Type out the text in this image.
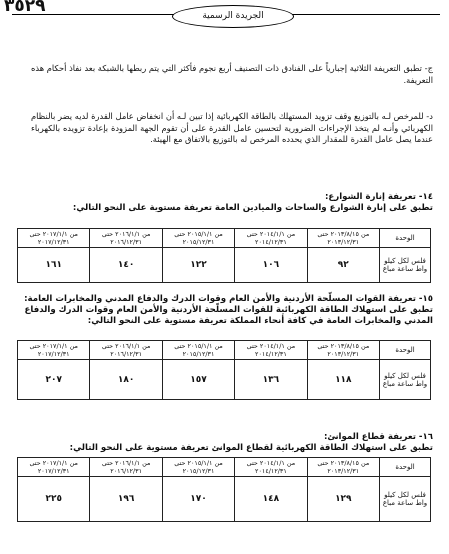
٣٥٢٩	الجريدة الرسمية
ج- تطبق التعريفة الثلاثية إجبارياً على الفنادق ذات التصنيف أربع نجوم فأكثر التي يتم ربطها بالشبكة بعد نفاذ أحكام هذه التعريفة.
د- للمرخص لـه بالتوزيع وقف تزويد المستهلك بالطاقة الكهربائية إذا تبين لـه أن انخفاض عامل القدرة لديه يضر بالنظام الكهربائي وأنـه لم يتخذ الإجراءات الضرورية لتحسين عامل القدرة على أن تقوم الجهة المزودة بإعادة تزويده بالكهرباء عندما يصل عامل القدرة للمقدار الذي يحدده المرخص له بالتوزيع بالاتفاق مع الهيئة.
١٤- تعريفة إنارة الشوارع:
تطبق على إنارة الشوارع والساحات والميادين العامة تعريفة مستوية على النحو التالي:
الوحدة	من ٢٠١٣/٨/١٥ حتى ٢٠١٣/١٢/٣١	من ٢٠١٤/١/١ حتى ٢٠١٤/١٢/٣١	من ٢٠١٥/١/١ حتى ٢٠١٥/١٢/٣١	من ٢٠١٦/١/١ حتى ٢٠١٦/١٢/٣١	من ٢٠١٧/١/١ حتى ٢٠١٧/١٢/٣١
فلس لكل كيلو واط ساعة مباع	٩٢	١٠٦	١٢٢	١٤٠	١٦١
١٥- تعريفة القوات المسلّحة الأردنية والأمن العام وقوات الدرك والدفاع المدني والمخابرات العامة:
تطبق على استهلاك الطاقة الكهربائية للقوات المسلّحة الأردنية والأمن العام وقوات الدرك والدفاع المدني والمخابرات العامة في كافة أنحاء المملكة تعريفة مستوية على النحو التالي:
الوحدة	من ٢٠١٣/٨/١٥ حتى ٢٠١٣/١٢/٣١	من ٢٠١٤/١/١ حتى ٢٠١٤/١٢/٣١	من ٢٠١٥/١/١ حتى ٢٠١٥/١٢/٣١	من ٢٠١٦/١/١ حتى ٢٠١٦/١٢/٣١	من ٢٠١٧/١/١ حتى ٢٠١٧/١٢/٣١
فلس لكل كيلو واط ساعة مباع	١١٨	١٣٦	١٥٧	١٨٠	٢٠٧
١٦- تعريفة قطاع الموانئ:
تطبق على استهلاك الطاقة الكهربائية لقطاع الموانئ تعريفة مستوية على النحو التالي:
الوحدة	من ٢٠١٣/٨/١٥ حتى ٢٠١٣/١٢/٣١	من ٢٠١٤/١/١ حتى ٢٠١٤/١٢/٣١	من ٢٠١٥/١/١ حتى ٢٠١٥/١٢/٣١	من ٢٠١٦/١/١ حتى ٢٠١٦/١٢/٣١	من ٢٠١٧/١/١ حتى ٢٠١٧/١٢/٣١
فلس لكل كيلو واط ساعة مباع	١٢٩	١٤٨	١٧٠	١٩٦	٢٢٥
